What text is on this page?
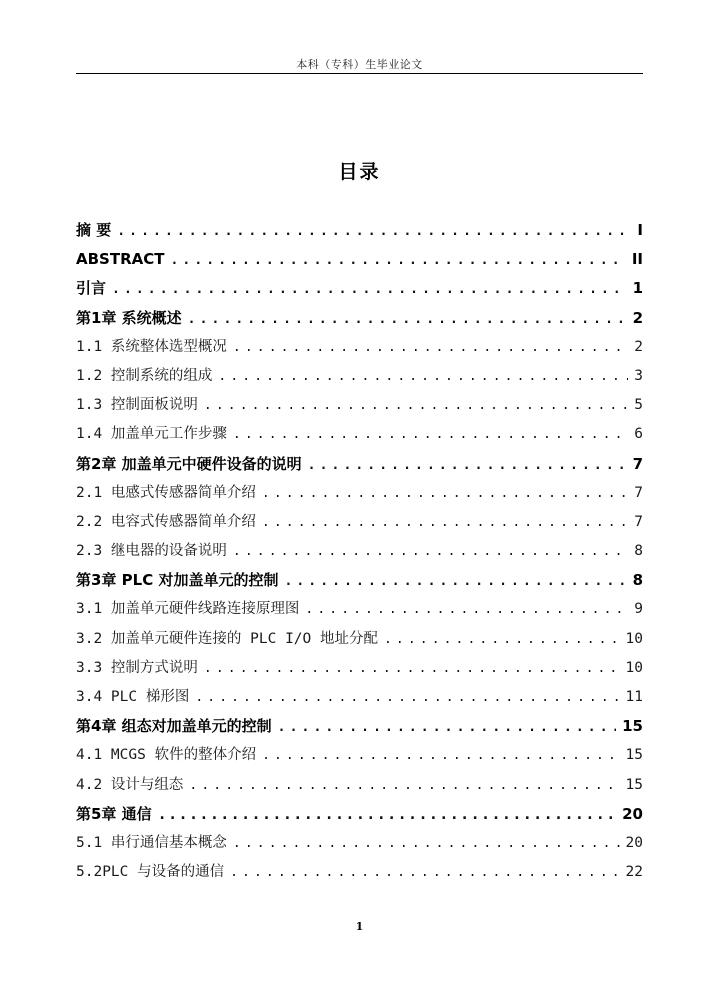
本科（专科）生毕业论文
目录
摘 要 .....	I
ABSTRACT .....	II
引言 .....	1
第1章 系统概述 .....	2
1.1 系统整体选型概况 .....	2
1.2 控制系统的组成 .....	3
1.3 控制面板说明 .....	5
1.4 加盖单元工作步骤 .....	6
第2章 加盖单元中硬件设备的说明 .....	7
2.1 电感式传感器简单介绍 .....	7
2.2 电容式传感器简单介绍 .....	7
2.3 继电器的设备说明 .....	8
第3章 PLC 对加盖单元的控制 .....	8
3.1 加盖单元硬件线路连接原理图 .....	9
3.2 加盖单元硬件连接的 PLC I/O 地址分配 .....	10
3.3 控制方式说明 .....	10
3.4 PLC 梯形图 .....	11
第4章 组态对加盖单元的控制 .....	15
4.1 MCGS 软件的整体介绍 .....	15
4.2 设计与组态 .....	15
第5章 通信 .....	20
5.1 串行通信基本概念 .....	20
5.2PLC 与设备的通信 .....	22
1
